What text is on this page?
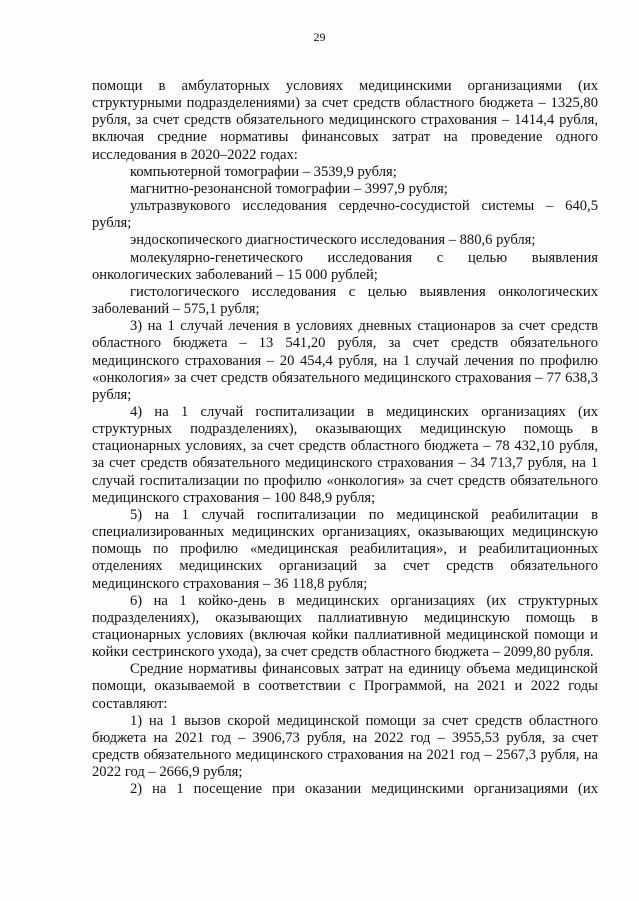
29

помощи в амбулаторных условиях медицинскими организациями (их структурными подразделениями) за счет средств областного бюджета – 1325,80 рубля, за счет средств обязательного медицинского страхования – 1414,4 рубля, включая средние нормативы финансовых затрат на проведение одного исследования в 2020–2022 годах:

компьютерной томографии – 3539,9 рубля;

магнитно-резонансной томографии – 3997,9 рубля;

ультразвукового исследования сердечно-сосудистой системы – 640,5 рубля;

эндоскопического диагностического исследования – 880,6 рубля;

молекулярно-генетического исследования с целью выявления онкологических заболеваний – 15 000 рублей;

гистологического исследования с целью выявления онкологических заболеваний – 575,1 рубля;

3) на 1 случай лечения в условиях дневных стационаров за счет средств областного бюджета – 13 541,20 рубля, за счет средств обязательного медицинского страхования – 20 454,4 рубля, на 1 случай лечения по профилю «онкология» за счет средств обязательного медицинского страхования – 77 638,3 рубля;

4) на 1 случай госпитализации в медицинских организациях (их структурных подразделениях), оказывающих медицинскую помощь в стационарных условиях, за счет средств областного бюджета – 78 432,10 рубля, за счет средств обязательного медицинского страхования – 34 713,7 рубля, на 1 случай госпитализации по профилю «онкология» за счет средств обязательного медицинского страхования – 100 848,9 рубля;

5) на 1 случай госпитализации по медицинской реабилитации в специализированных медицинских организациях, оказывающих медицинскую помощь по профилю «медицинская реабилитация», и реабилитационных отделениях медицинских организаций за счет средств обязательного медицинского страхования – 36 118,8 рубля;

6) на 1 койко-день в медицинских организациях (их структурных подразделениях), оказывающих паллиативную медицинскую помощь в стационарных условиях (включая койки паллиативной медицинской помощи и койки сестринского ухода), за счет средств областного бюджета – 2099,80 рубля.

Средние нормативы финансовых затрат на единицу объема медицинской помощи, оказываемой в соответствии с Программой, на 2021 и 2022 годы составляют:

1) на 1 вызов скорой медицинской помощи за счет средств областного бюджета на 2021 год – 3906,73 рубля, на 2022 год – 3955,53 рубля, за счет средств обязательного медицинского страхования на 2021 год – 2567,3 рубля, на 2022 год – 2666,9 рубля;

2) на 1 посещение при оказании медицинскими организациями (их
